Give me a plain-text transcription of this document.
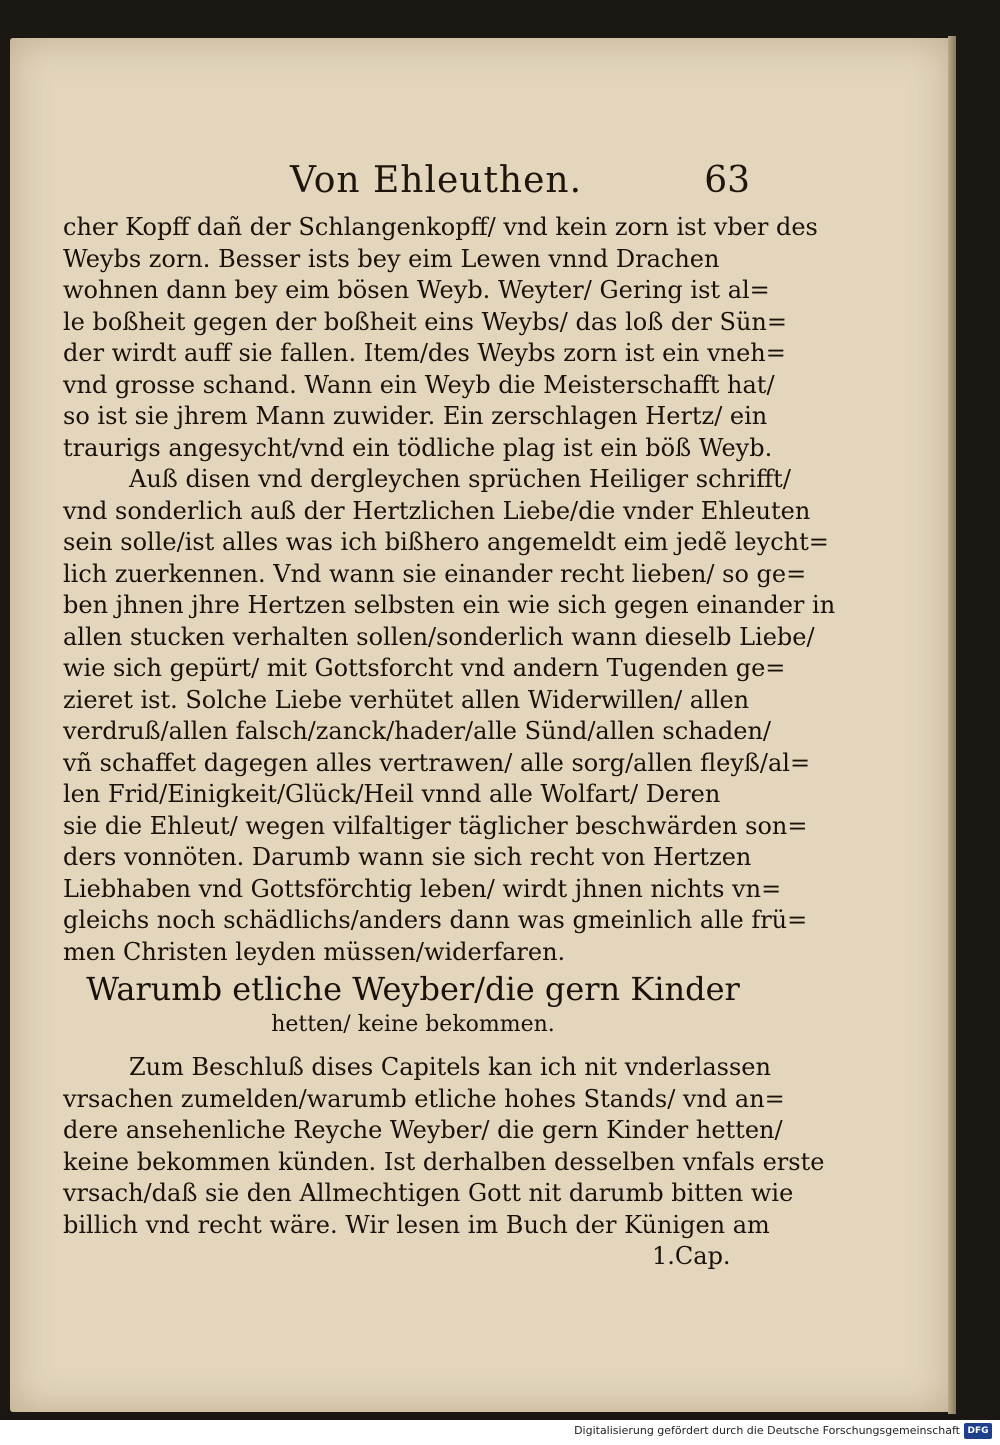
Von Ehleuthen.	63
cher Kopff dañ der Schlangenkopff/ vnd kein zorn ist vber des
Weybs zorn. Besser ists bey eim Lewen vnnd Drachen
wohnen dann bey eim bösen Weyb. Weyter/ Gering ist al=
le boßheit gegen der boßheit eins Weybs/ das loß der Sün=
der wirdt auff sie fallen. Item/des Weybs zorn ist ein vneh=
vnd grosse schand. Wann ein Weyb die Meisterschafft hat/
so ist sie jhrem Mann zuwider. Ein zerschlagen Hertz/ ein
traurigs angesycht/vnd ein tödliche plag ist ein böß Weyb.
Auß disen vnd dergleychen sprüchen Heiliger schrifft/
vnd sonderlich auß der Hertzlichen Liebe/die vnder Ehleuten
sein solle/ist alles was ich bißhero angemeldt eim jedẽ leycht=
lich zuerkennen. Vnd wann sie einander recht lieben/ so ge=
ben jhnen jhre Hertzen selbsten ein wie sich gegen einander in
allen stucken verhalten sollen/sonderlich wann dieselb Liebe/
wie sich gepürt/ mit Gottsforcht vnd andern Tugenden ge=
zieret ist. Solche Liebe verhütet allen Widerwillen/ allen
verdruß/allen falsch/zanck/hader/alle Sünd/allen schaden/
vñ schaffet dagegen alles vertrawen/ alle sorg/allen fleyß/al=
len Frid/Einigkeit/Glück/Heil vnnd alle Wolfart/ Deren
sie die Ehleut/ wegen vilfaltiger täglicher beschwärden son=
ders vonnöten. Darumb wann sie sich recht von Hertzen
Liebhaben vnd Gottsförchtig leben/ wirdt jhnen nichts vn=
gleichs noch schädlichs/anders dann was gmeinlich alle frü=
men Christen leyden müssen/widerfaren.
Warumb etliche Weyber/die gern Kinder
hetten/ keine bekommen.
Zum Beschluß dises Capitels kan ich nit vnderlassen
vrsachen zumelden/warumb etliche hohes Stands/ vnd an=
dere ansehenliche Reyche Weyber/ die gern Kinder hetten/
keine bekommen künden. Ist derhalben desselben vnfals erste
vrsach/daß sie den Allmechtigen Gott nit darumb bitten wie
billich vnd recht wäre. Wir lesen im Buch der Künigen am
1.Cap.
Digitalisierung gefördert durch die Deutsche Forschungsgemeinschaft DFG
